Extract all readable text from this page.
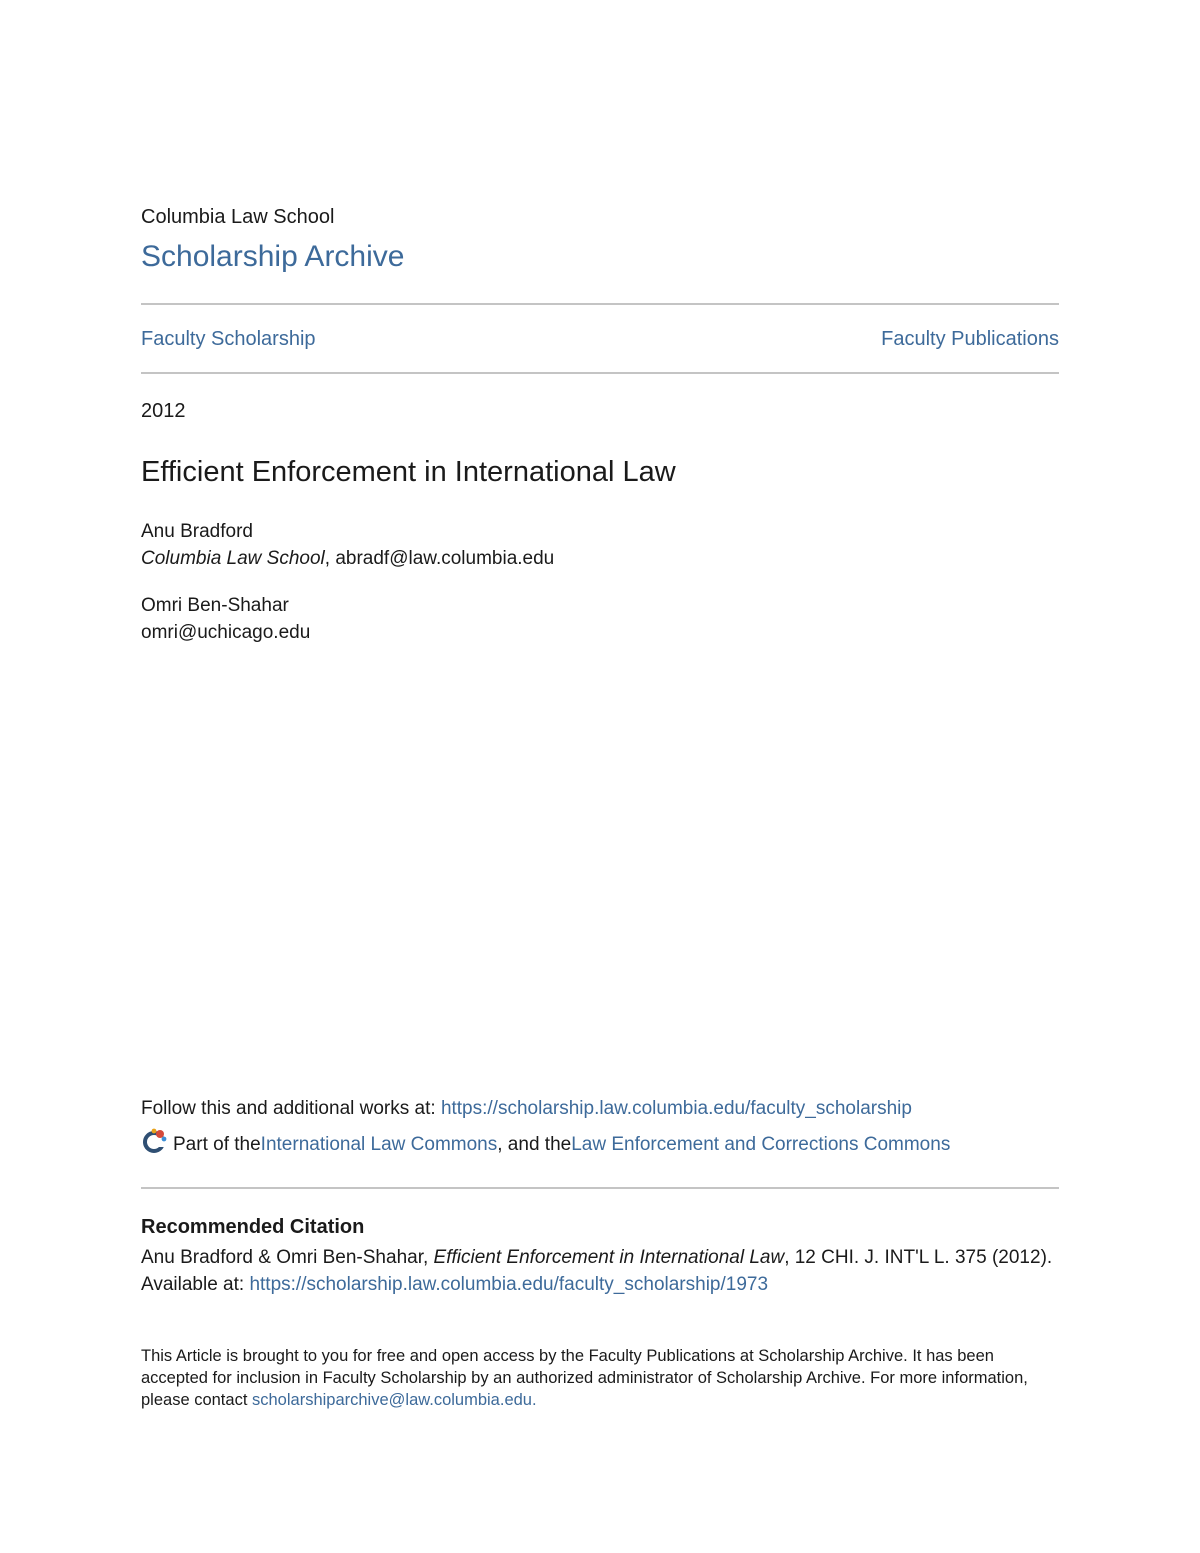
Columbia Law School
Scholarship Archive
Faculty Scholarship	Faculty Publications
2012
Efficient Enforcement in International Law
Anu Bradford
Columbia Law School, abradf@law.columbia.edu
Omri Ben-Shahar
omri@uchicago.edu
Follow this and additional works at: https://scholarship.law.columbia.edu/faculty_scholarship
Part of the International Law Commons , and the Law Enforcement and Corrections Commons
Recommended Citation
Anu Bradford & Omri Ben-Shahar, Efficient Enforcement in International Law, 12 CHI. J. INT'L L. 375 (2012).
Available at: https://scholarship.law.columbia.edu/faculty_scholarship/1973
This Article is brought to you for free and open access by the Faculty Publications at Scholarship Archive. It has been accepted for inclusion in Faculty Scholarship by an authorized administrator of Scholarship Archive. For more information, please contact scholarshiparchive@law.columbia.edu.
